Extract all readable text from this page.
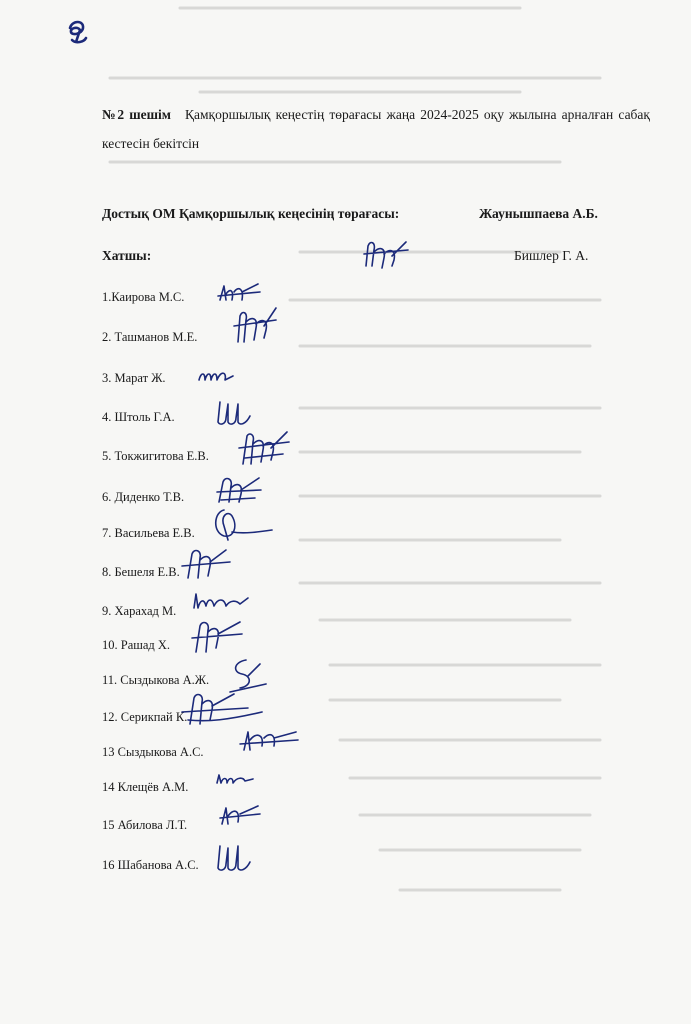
№2 шешім Қамқоршылық кеңестің төрағасы жаңа 2024-2025 оқу жылына арналған сабақ кестесін бекітсін
Достық ОМ Қамқоршылық кеңесінің төрағасы:	Жаунышпаева А.Б.
Хатшы:	Бишлер Г. А.
1.Каирова М.С.
2. Ташманов М.Е.
3. Марат Ж.
4. Штоль Г.А.
5. Токжигитова Е.В.
6. Диденко Т.В.
7. Васильева Е.В.
8. Бешеля Е.В.
9. Харахад М.
10. Рашад Х.
11. Сыздыкова А.Ж.
12. Серикпай К.
13 Сыздыкова А.С.
14 Клещёв А.М.
15 Абилова Л.Т.
16 Шабанова А.С.
